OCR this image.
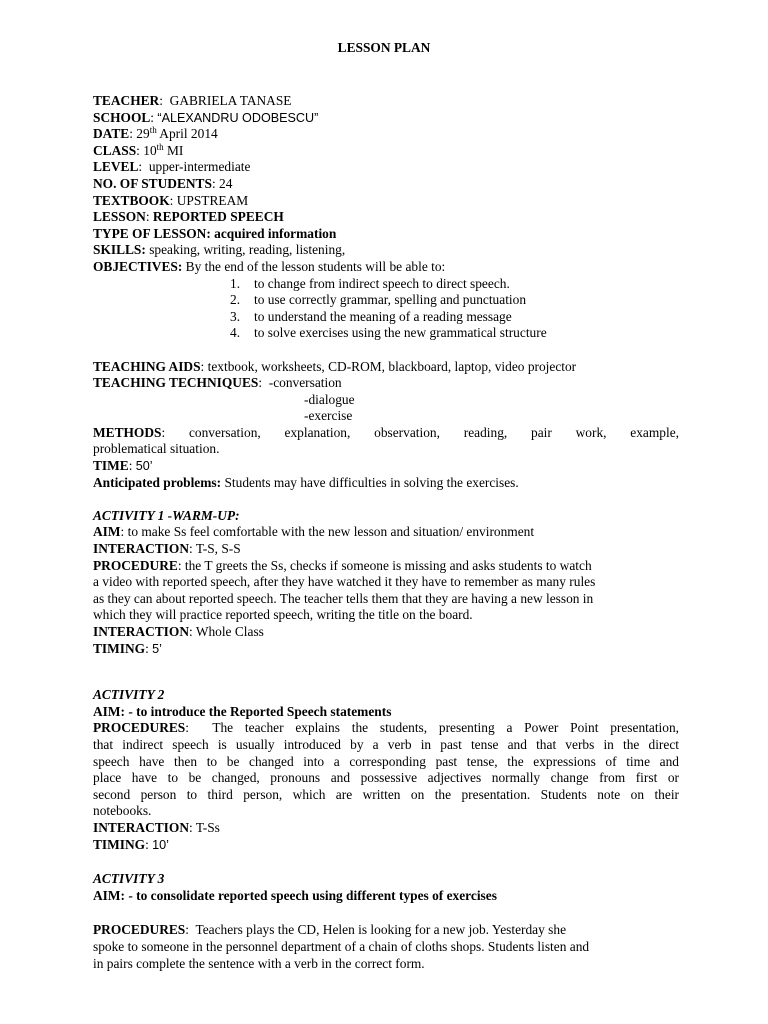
LESSON PLAN
TEACHER:  GABRIELA TANASE
SCHOOL: “ALEXANDRU ODOBESCU”
DATE: 29th April 2014
CLASS: 10th MI
LEVEL:  upper-intermediate
NO. OF STUDENTS: 24
TEXTBOOK: UPSTREAM
LESSON: REPORTED SPEECH
TYPE OF LESSON: acquired information
SKILLS: speaking, writing, reading, listening,
OBJECTIVES: By the end of the lesson students will be able to:
1. to change from indirect speech to direct speech.
2. to use correctly grammar, spelling and punctuation
3. to understand the meaning of a reading message
4. to solve exercises using the new grammatical structure
TEACHING AIDS: textbook, worksheets, CD-ROM, blackboard, laptop, video projector
TEACHING TECHNIQUES:  -conversation
-dialogue
-exercise
METHODS: conversation, explanation, observation, reading, pair work, example,
problematical situation.
TIME: 50’
Anticipated problems: Students may have difficulties in solving the exercises.
ACTIVITY 1 -WARM-UP:
AIM: to make Ss feel comfortable with the new lesson and situation/ environment
INTERACTION: T-S, S-S
PROCEDURE: the T greets the Ss, checks if someone is missing and asks students to watch
a video with reported speech, after they have watched it they have to remember as many rules
as they can about reported speech. The teacher tells them that they are having a new lesson in
which they will practice reported speech, writing the title on the board.
INTERACTION: Whole Class
TIMING: 5’
ACTIVITY 2
AIM: - to introduce the Reported Speech statements
PROCEDURES:  The teacher explains the students, presenting a Power Point presentation,
that indirect speech is usually introduced by a verb in past tense and that verbs in the direct
speech have then to be changed into a corresponding past tense, the expressions of time and
place have to be changed, pronouns and possessive adjectives normally change from first or
second person to third person, which are written on the presentation. Students note on their
notebooks.
INTERACTION: T-Ss
TIMING: 10’
ACTIVITY 3
AIM: - to consolidate reported speech using different types of exercises
PROCEDURES:  Teachers plays the CD, Helen is looking for a new job. Yesterday she
spoke to someone in the personnel department of a chain of cloths shops. Students listen and
in pairs complete the sentence with a verb in the correct form.
